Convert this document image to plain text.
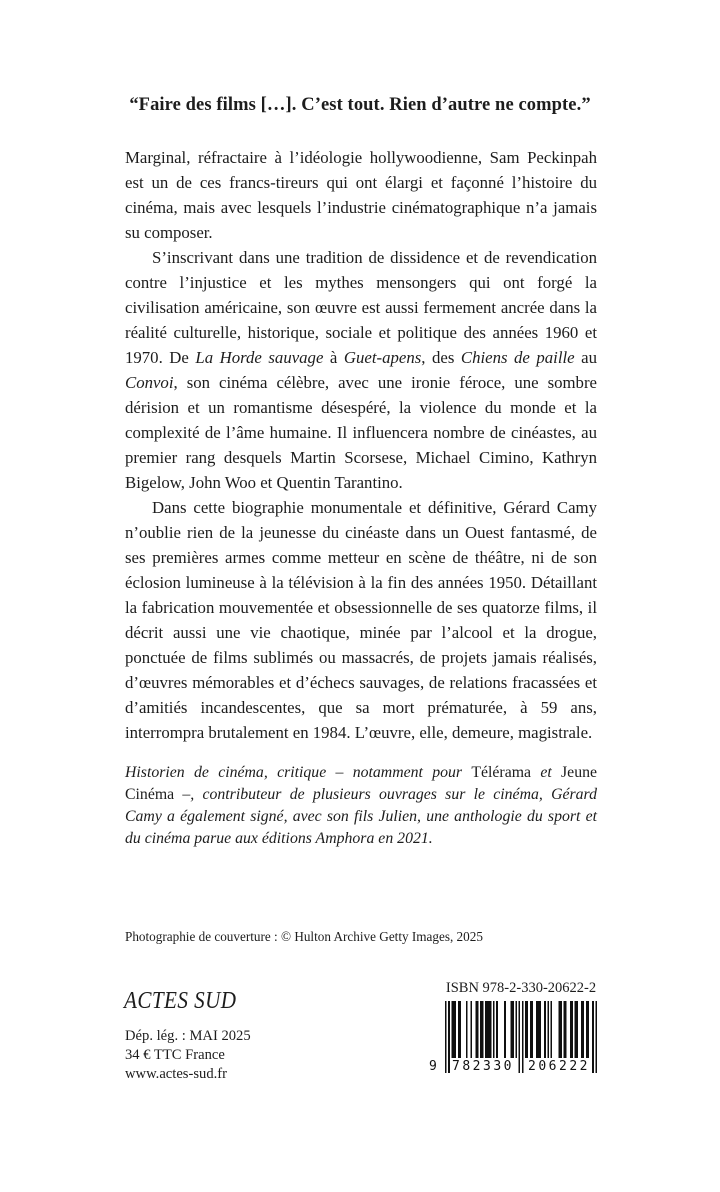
“Faire des films […]. C’est tout. Rien d’autre ne compte.”

Marginal, réfractaire à l’idéologie hollywoodienne, Sam Peckinpah est un de ces francs-tireurs qui ont élargi et façonné l’histoire du cinéma, mais avec lesquels l’industrie cinématographique n’a jamais su composer.

S’inscrivant dans une tradition de dissidence et de revendication contre l’injustice et les mythes mensongers qui ont forgé la civilisation américaine, son œuvre est aussi fermement ancrée dans la réalité culturelle, historique, sociale et politique des années 1960 et 1970. De La Horde sauvage à Guet-apens, des Chiens de paille au Convoi, son cinéma célèbre, avec une ironie féroce, une sombre dérision et un romantisme désespéré, la violence du monde et la complexité de l’âme humaine. Il influencera nombre de cinéastes, au premier rang desquels Martin Scorsese, Michael Cimino, Kathryn Bigelow, John Woo et Quentin Tarantino.

Dans cette biographie monumentale et définitive, Gérard Camy n’oublie rien de la jeunesse du cinéaste dans un Ouest fantasmé, de ses premières armes comme metteur en scène de théâtre, ni de son éclosion lumineuse à la télévision à la fin des années 1950. Détaillant la fabrication mouvementée et obsessionnelle de ses quatorze films, il décrit aussi une vie chaotique, minée par l’alcool et la drogue, ponctuée de films sublimés ou massacrés, de projets jamais réalisés, d’œuvres mémorables et d’échecs sauvages, de relations fracassées et d’amitiés incandescentes, que sa mort prématurée, à 59 ans, interrompra brutalement en 1984. L’œuvre, elle, demeure, magistrale.

Historien de cinéma, critique – notamment pour Télérama et Jeune Cinéma –, contributeur de plusieurs ouvrages sur le cinéma, Gérard Camy a également signé, avec son fils Julien, une anthologie du sport et du cinéma parue aux éditions Amphora en 2021.

Photographie de couverture : © Hulton Archive Getty Images, 2025
ACTES SUD
Dép. lég. : MAI 2025
34 € TTC France
www.actes-sud.fr
ISBN 978-2-330-20622-2
9 782330 206222
